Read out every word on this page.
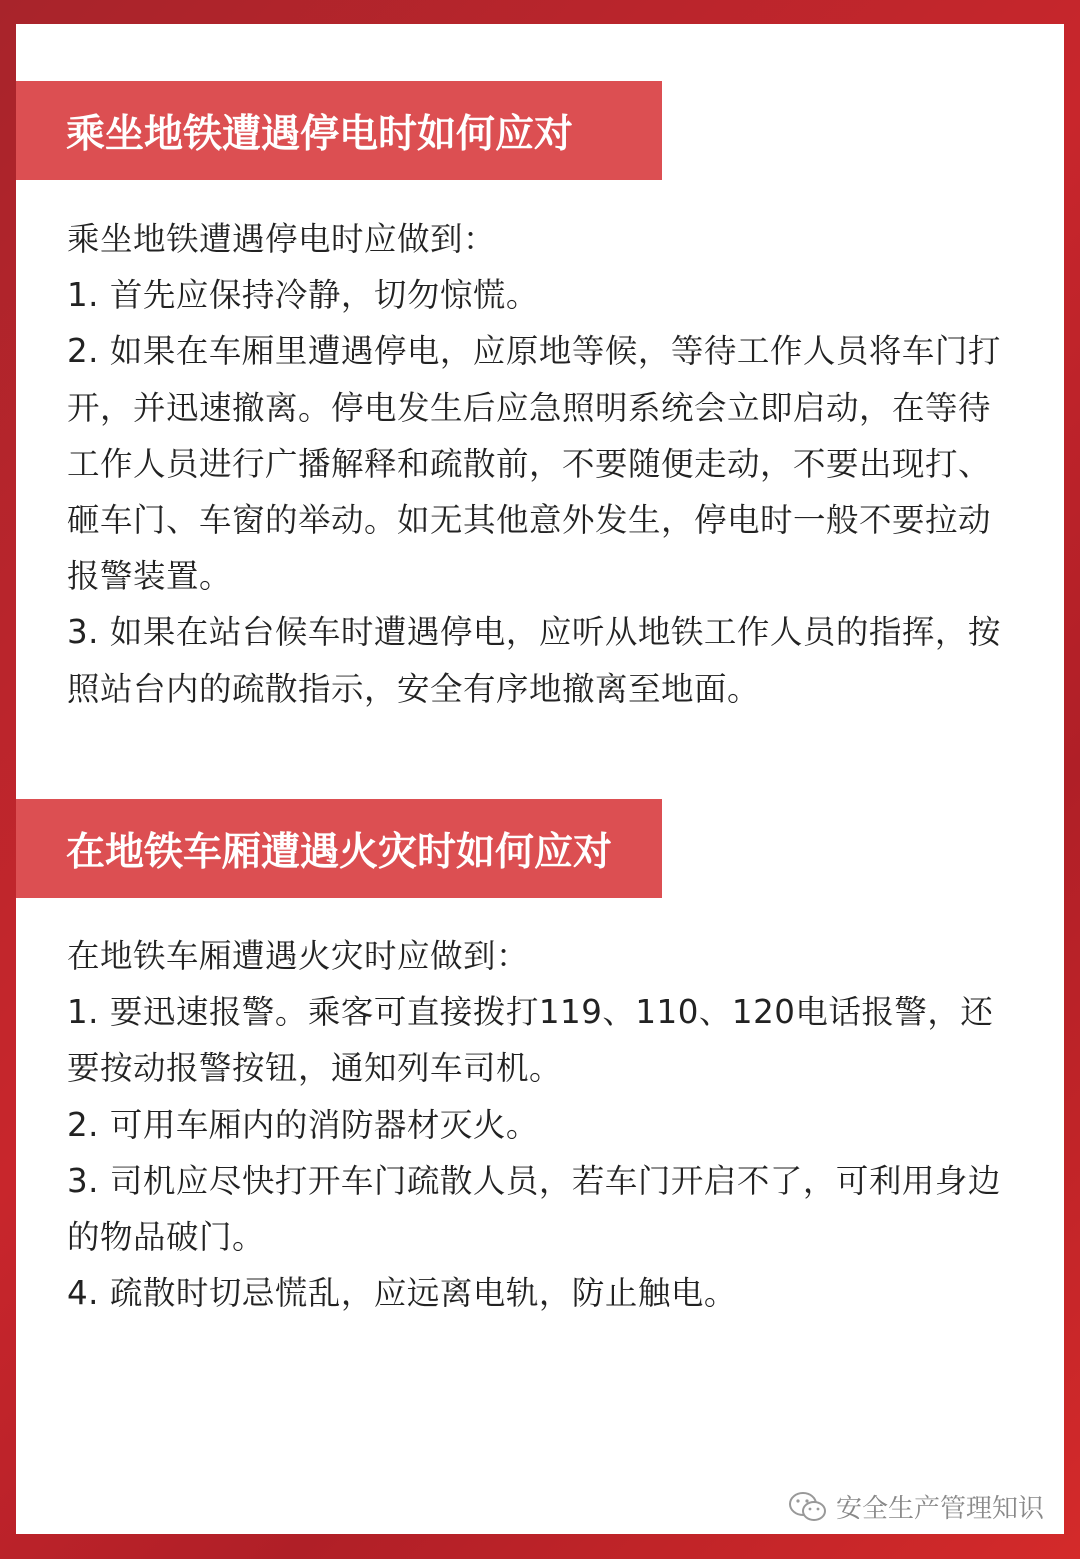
乘坐地铁遭遇停电时如何应对

乘坐地铁遭遇停电时应做到：

1. 首先应保持冷静，切勿惊慌。

2. 如果在车厢里遭遇停电，应原地等候，等待工作人员将车门打开，并迅速撤离。停电发生后应急照明系统会立即启动，在等待工作人员进行广播解释和疏散前，不要随便走动，不要出现打、砸车门、车窗的举动。如无其他意外发生，停电时一般不要拉动报警装置。

3. 如果在站台候车时遭遇停电，应听从地铁工作人员的指挥，按照站台内的疏散指示，安全有序地撤离至地面。

在地铁车厢遭遇火灾时如何应对

在地铁车厢遭遇火灾时应做到：

1. 要迅速报警。乘客可直接拨打119、110、120电话报警，还要按动报警按钮，通知列车司机。

2. 可用车厢内的消防器材灭火。

3. 司机应尽快打开车门疏散人员，若车门开启不了，可利用身边的物品破门。

4. 疏散时切忌慌乱，应远离电轨，防止触电。

安全生产管理知识
